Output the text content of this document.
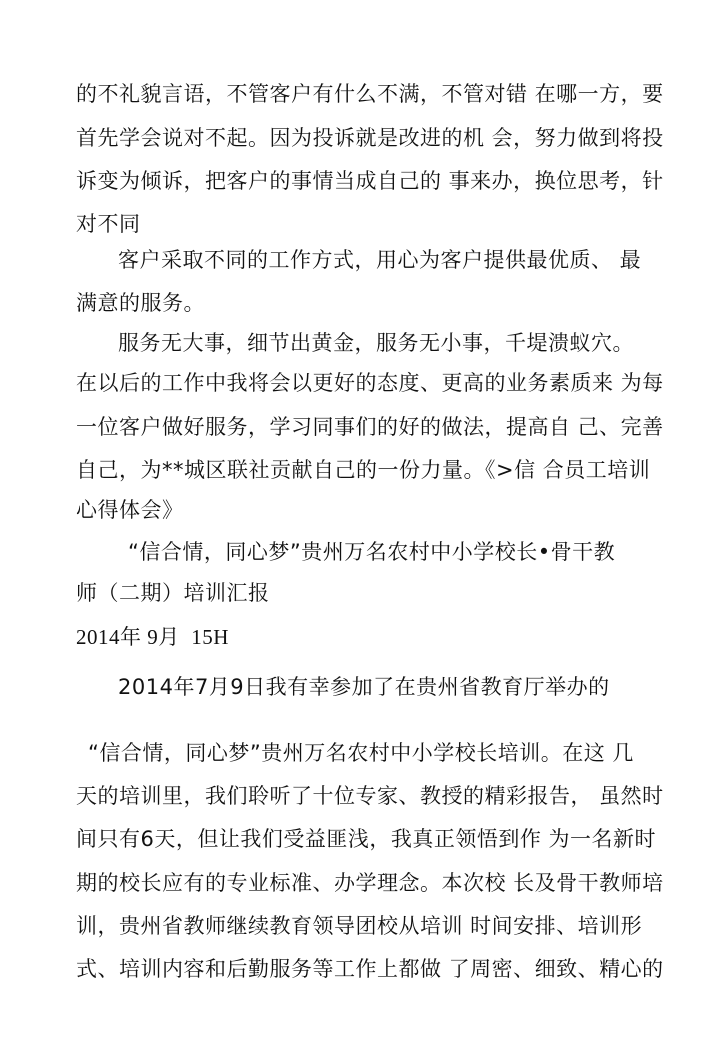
的不礼貌言语，不管客户有什么不满，不管对错 在哪一方，要
首先学会说对不起。因为投诉就是改进的机 会，努力做到将投
诉变为倾诉，把客户的事情当成自己的 事来办，换位思考，针
对不同
客户采取不同的工作方式，用心为客户提供最优质、 最
满意的服务。
服务无大事，细节出黄金，服务无小事，千堤溃蚁穴。
在以后的工作中我将会以更好的态度、更高的业务素质来 为每
一位客户做好服务，学习同事们的好的做法，提高自 己、完善
自己，为**城区联社贡献自己的一份力量。《>信 合员工培训
心得体会》
“信合情，同心梦”贵州万名农村中小学校长•骨干教
师（二期）培训汇报
2014年 9月  15H
2014年7月9日我有幸参加了在贵州省教育厅举办的
“信合情，同心梦”贵州万名农村中小学校长培训。在这 几
天的培训里，我们聆听了十位专家、教授的精彩报告， 虽然时
间只有6天，但让我们受益匪浅，我真正领悟到作 为一名新时
期的校长应有的专业标准、办学理念。本次校 长及骨干教师培
训，贵州省教师继续教育领导团校从培训 时间安排、培训形
式、培训内容和后勤服务等工作上都做 了周密、细致、精心的
